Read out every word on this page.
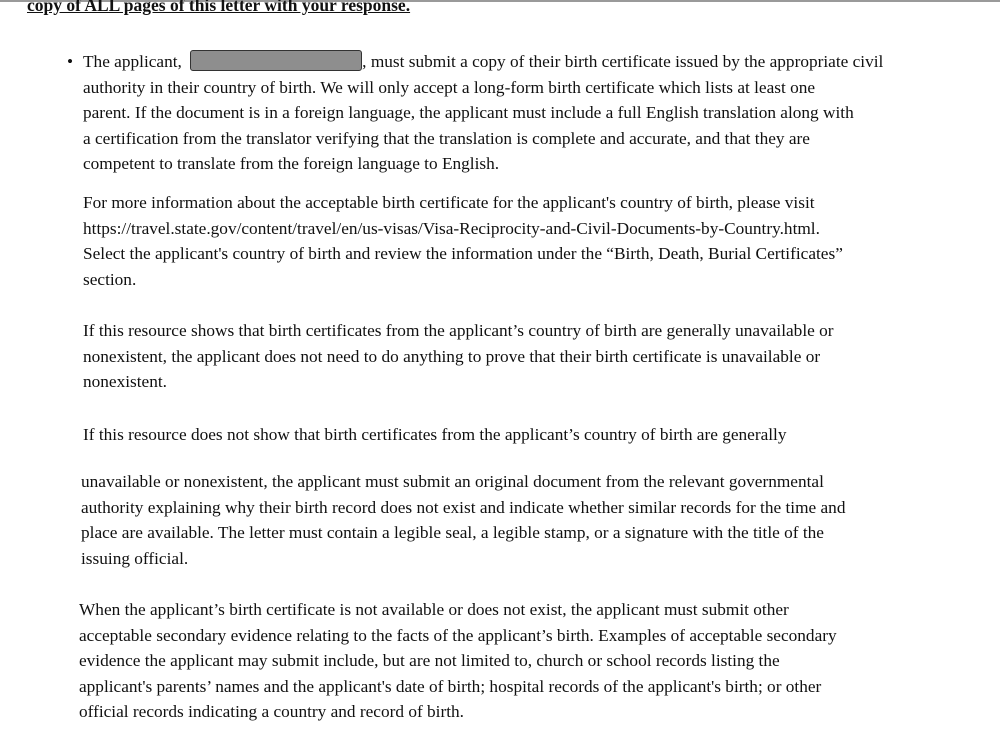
copy of ALL pages of this letter with your response.
• The applicant,	, must submit a copy of their birth certificate issued by the appropriate civil
authority in their country of birth. We will only accept a long-form birth certificate which lists at least one
parent. If the document is in a foreign language, the applicant must include a full English translation along with
a certification from the translator verifying that the translation is complete and accurate, and that they are
competent to translate from the foreign language to English.

For more information about the acceptable birth certificate for the applicant's country of birth, please visit
https://travel.state.gov/content/travel/en/us-visas/Visa-Reciprocity-and-Civil-Documents-by-Country.html.
Select the applicant's country of birth and review the information under the “Birth, Death, Burial Certificates”
section.

If this resource shows that birth certificates from the applicant’s country of birth are generally unavailable or
nonexistent, the applicant does not need to do anything to prove that their birth certificate is unavailable or
nonexistent.

If this resource does not show that birth certificates from the applicant’s country of birth are generally

unavailable or nonexistent, the applicant must submit an original document from the relevant governmental
authority explaining why their birth record does not exist and indicate whether similar records for the time and
place are available. The letter must contain a legible seal, a legible stamp, or a signature with the title of the
issuing official.

When the applicant’s birth certificate is not available or does not exist, the applicant must submit other
acceptable secondary evidence relating to the facts of the applicant’s birth. Examples of acceptable secondary
evidence the applicant may submit include, but are not limited to, church or school records listing the
applicant's parents’ names and the applicant's date of birth; hospital records of the applicant's birth; or other
official records indicating a country and record of birth.
